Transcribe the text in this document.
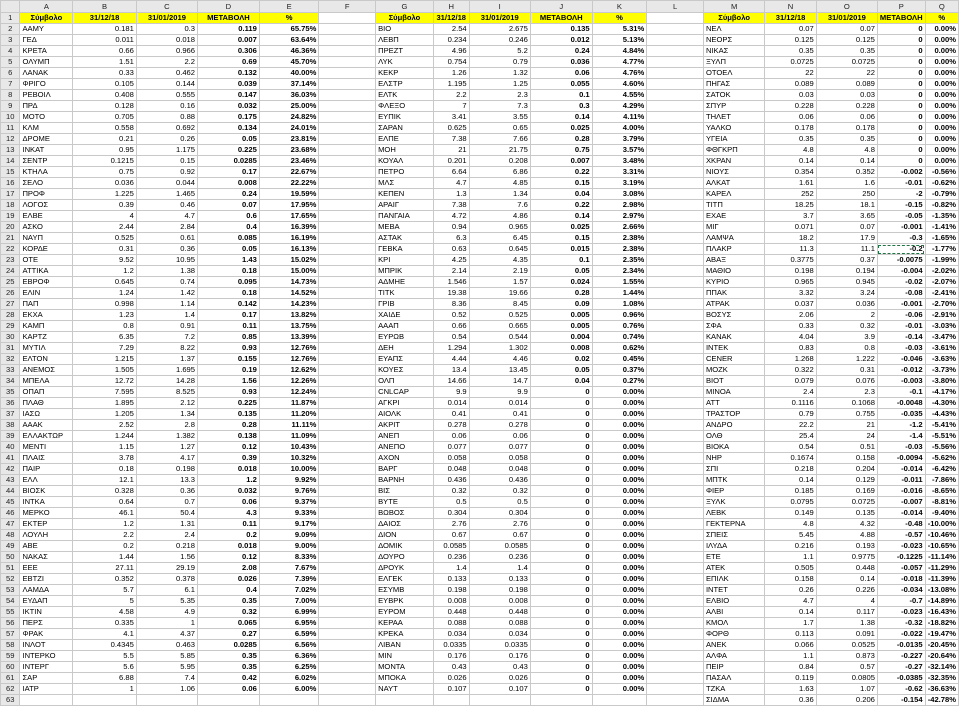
	A	B	C	D	E	F	G	H	I	J	K	L	M	N	O	P	Q
1	Σύμβολο	31/12/18	31/01/2019	ΜΕΤΑΒΟΛΗ	%		Σύμβολο	31/12/18	31/01/2019	ΜΕΤΑΒΟΛΗ	%		Σύμβολο	31/12/18	31/01/2019	ΜΕΤΑΒΟΛΗ	%
2	ΑΑΜΥ	0.181	0.3	0.119	65.75%		ΒΙΟ	2.54	2.675	0.135	5.31%		ΝΕΛ	0.07	0.07	0	0.00%
3	ΓΕΔ	0.011	0.018	0.007	63.64%		ΛΕΒΠ	0.234	0.246	0.012	5.13%		ΝΕΟΡΣ	0.125	0.125	0	0.00%
4	ΚΡΕΤΑ	0.66	0.966	0.306	46.36%		ΠΡΕΖΤ	4.96	5.2	0.24	4.84%		ΝΙΚΑΣ	0.35	0.35	0	0.00%
5	ΟΛΥΜΠ	1.51	2.2	0.69	45.70%		ΛΥΚ	0.754	0.79	0.036	4.77%		ΞΥΛΠ	0.0725	0.0725	0	0.00%
6	ΛΑΝΑΚ	0.33	0.462	0.132	40.00%		ΚΕΚΡ	1.26	1.32	0.06	4.76%		ΟΤΟΕΛ	22	22	0	0.00%
7	ΦΡΙΓΟ	0.105	0.144	0.039	37.14%		ΕΛΣΤΡ	1.195	1.25	0.055	4.60%		ΠΗΓΑΣ	0.089	0.089	0	0.00%
8	ΡΕΒΟΙΛ	0.408	0.555	0.147	36.03%		ΕΛΤΚ	2.2	2.3	0.1	4.55%		ΣΑΤΟΚ	0.03	0.03	0	0.00%
9	ΠΡΔ	0.128	0.16	0.032	25.00%		ΦΛΕΞΟ	7	7.3	0.3	4.29%		ΣΠΥΡ	0.228	0.228	0	0.00%
10	ΜΟΤΟ	0.705	0.88	0.175	24.82%		ΕΥΠΙΚ	3.41	3.55	0.14	4.11%		ΤΗΛΕΤ	0.06	0.06	0	0.00%
11	ΚΛΜ	0.558	0.692	0.134	24.01%		ΣΑΡΑΝ	0.625	0.65	0.025	4.00%		ΥΑΛΚΟ	0.178	0.178	0	0.00%
12	ΔΡΟΜΕ	0.21	0.26	0.05	23.81%		ΕΛΠΕ	7.38	7.66	0.28	3.79%		ΥΓΕΙΑ	0.35	0.35	0	0.00%
13	ΙΝΚΑΤ	0.95	1.175	0.225	23.68%		ΜΟΗ	21	21.75	0.75	3.57%		ΦΘΓΚΡΠ	4.8	4.8	0	0.00%
14	ΣΕΝΤΡ	0.1215	0.15	0.0285	23.46%		ΚΟΥΑΛ	0.201	0.208	0.007	3.48%		ΧΚΡΑΝ	0.14	0.14	0	0.00%
15	ΚΤΗΛΑ	0.75	0.92	0.17	22.67%		ΠΕΤΡΟ	6.64	6.86	0.22	3.31%		ΝΙΟΥΣ	0.354	0.352	-0.002	-0.56%
16	ΣΕΛΟ	0.036	0.044	0.008	22.22%		ΜΛΣ	4.7	4.85	0.15	3.19%		ΑΛΚΑΤ	1.61	1.6	-0.01	-0.62%
17	ΠΡΟΦ	1.225	1.465	0.24	19.59%		ΚΕΠΕΝ	1.3	1.34	0.04	3.08%		ΚΑΡΕΛ	252	250	-2	-0.79%
18	ΛΟΓΟΣ	0.39	0.46	0.07	17.95%		ΑΡΑΙΓ	7.38	7.6	0.22	2.98%		ΤΙΤΠ	18.25	18.1	-0.15	-0.82%
19	ΕΛΒΕ	4	4.7	0.6	17.65%		ΠΑΝΓΑΙΑ	4.72	4.86	0.14	2.97%		ΕΧΑΕ	3.7	3.65	-0.05	-1.35%
20	ΑΣΚΟ	2.44	2.84	0.4	16.39%		ΜΕΒΑ	0.94	0.965	0.025	2.66%		ΜΙΓ	0.071	0.07	-0.001	-1.41%
21	ΝΑΥΠ	0.525	0.61	0.085	16.19%		ΑΣΤΑΚ	6.3	6.45	0.15	2.38%		ΛΑΜΨΑ	18.2	17.9	-0.3	-1.65%
22	ΚΟΡΔΕ	0.31	0.36	0.05	16.13%		ΓΕΒΚΑ	0.63	0.645	0.015	2.38%		ΠΛΑΚΡ	11.3	11.1	-0.2	-1.77%
23	ΟΤΕ	9.52	10.95	1.43	15.02%		ΚΡΙ	4.25	4.35	0.1	2.35%		ΑΒΑΞ	0.3775	0.37	-0.0075	-1.99%
24	ΑΤΤΙΚΑ	1.2	1.38	0.18	15.00%		ΜΠΡΙΚ	2.14	2.19	0.05	2.34%		ΜΑΘΙΟ	0.198	0.194	-0.004	-2.02%
25	ΕΒΡΟΦ	0.645	0.74	0.095	14.73%		ΑΔΜΗΕ	1.546	1.57	0.024	1.55%		ΚΥΡΙΟ	0.965	0.945	-0.02	-2.07%
26	ΕΛΙΝ	1.24	1.42	0.18	14.52%		ΤΙΤΚ	19.38	19.66	0.28	1.44%		ΠΠΑΚ	3.32	3.24	-0.08	-2.41%
27	ΠΑΠ	0.998	1.14	0.142	14.23%		ΓΡΙΒ	8.36	8.45	0.09	1.08%		ΑΤΡΑΚ	0.037	0.036	-0.001	-2.70%
28	ΕΚΧΑ	1.23	1.4	0.17	13.82%		ΧΑΙΔΕ	0.52	0.525	0.005	0.96%		ΒΟΣΥΣ	2.06	2	-0.06	-2.91%
29	ΚΑΜΠ	0.8	0.91	0.11	13.75%		ΑΑΑΠ	0.66	0.665	0.005	0.76%		ΣΦΑ	0.33	0.32	-0.01	-3.03%
30	ΚΑΡΤΖ	6.35	7.2	0.85	13.39%		ΕΥΡΩΒ	0.54	0.544	0.004	0.74%		ΚΑΝΑΚ	4.04	3.9	-0.14	-3.47%
31	ΜΥΤΙΛ	7.29	8.22	0.93	12.76%		ΔΕΗ	1.294	1.302	0.008	0.62%		ΙΝΤΕΚ	0.83	0.8	-0.03	-3.61%
32	ΕΛΤΟΝ	1.215	1.37	0.155	12.76%		ΕΥΑΠΣ	4.44	4.46	0.02	0.45%		CENER	1.268	1.222	-0.046	-3.63%
33	ΑΝΕΜΟΣ	1.505	1.695	0.19	12.62%		ΚΟΥΕΣ	13.4	13.45	0.05	0.37%		ΜΟΖΚ	0.322	0.31	-0.012	-3.73%
34	ΜΠΕΛΑ	12.72	14.28	1.56	12.26%		ΟΛΠ	14.66	14.7	0.04	0.27%		ΒΙΟΤ	0.079	0.076	-0.003	-3.80%
35	ΟΠΑΠ	7.595	8.525	0.93	12.24%		CNLCAP	9.9	9.9	0	0.00%		ΜΙΝΟΑ	2.4	2.3	-0.1	-4.17%
36	ΠΛΑΘ	1.895	2.12	0.225	11.87%		ΑΓΚΡΙ	0.014	0.014	0	0.00%		ΑΤΤ	0.1116	0.1068	-0.0048	-4.30%
37	ΙΑΣΩ	1.205	1.34	0.135	11.20%		ΑΙΟΛΚ	0.41	0.41	0	0.00%		ΤΡΑΣΤΟΡ	0.79	0.755	-0.035	-4.43%
38	ΑΑΑΚ	2.52	2.8	0.28	11.11%		ΑΚΡΙΤ	0.278	0.278	0	0.00%		ΑΝΔΡΟ	22.2	21	-1.2	-5.41%
39	ΕΛΛΑΚΤΩΡ	1.244	1.382	0.138	11.09%		ΑΝΕΠ	0.06	0.06	0	0.00%		ΟΛΘ	25.4	24	-1.4	-5.51%
40	ΜΕΝΤΙ	1.15	1.27	0.12	10.43%		ΑΝΕΠΟ	0.077	0.077	0	0.00%		ΒΙΟΚΑ	0.54	0.51	-0.03	-5.56%
41	ΠΛΑΙΣ	3.78	4.17	0.39	10.32%		ΑΧΟΝ	0.058	0.058	0	0.00%		ΝΗΡ	0.1674	0.158	-0.0094	-5.62%
42	ΠΑΙΡ	0.18	0.198	0.018	10.00%		ΒΑΡΓ	0.048	0.048	0	0.00%		ΣΠΙ	0.218	0.204	-0.014	-6.42%
43	ΕΛΛ	12.1	13.3	1.2	9.92%		ΒΑΡΝΗ	0.436	0.436	0	0.00%		ΜΠΤΚ	0.14	0.129	-0.011	-7.86%
44	ΒΙΟΣΚ	0.328	0.36	0.032	9.76%		ΒΙΣ	0.32	0.32	0	0.00%		ΦΙΕΡ	0.185	0.169	-0.016	-8.65%
45	ΙΝΤΚΑ	0.64	0.7	0.06	9.37%		ΒΥΤΕ	0.5	0.5	0	0.00%		ΞΥΛΚ	0.0795	0.0725	-0.007	-8.81%
46	ΜΕΡΚΟ	46.1	50.4	4.3	9.33%		ΒΩΒΟΣ	0.304	0.304	0	0.00%		ΛΕΒΚ	0.149	0.135	-0.014	-9.40%
47	ΕΚΤΕΡ	1.2	1.31	0.11	9.17%		ΔΑΙΟΣ	2.76	2.76	0	0.00%		ΓΕΚΤΕΡΝΑ	4.8	4.32	-0.48	-10.00%
48	ΛΟΥΛΗ	2.2	2.4	0.2	9.09%		ΔΙΟΝ	0.67	0.67	0	0.00%		ΣΠΕΙΣ	5.45	4.88	-0.57	-10.46%
49	ΑΒΕ	0.2	0.218	0.018	9.00%		ΔΟΜΙΚ	0.0585	0.0585	0	0.00%		ΙΛΥΔΑ	0.216	0.193	-0.023	-10.65%
50	ΝΑΚΑΣ	1.44	1.56	0.12	8.33%		ΔΟΥΡΟ	0.236	0.236	0	0.00%		ΕΤΕ	1.1	0.9775	-0.1225	-11.14%
51	ΕΕΕ	27.11	29.19	2.08	7.67%		ΔΡΟΥΚ	1.4	1.4	0	0.00%		ΑΤΕΚ	0.505	0.448	-0.057	-11.29%
52	ΕΒΤΖΙ	0.352	0.378	0.026	7.39%		ΕΛΓΕΚ	0.133	0.133	0	0.00%		ΕΠΙΛΚ	0.158	0.14	-0.018	-11.39%
53	ΛΑΜΔΑ	5.7	6.1	0.4	7.02%		ΕΣΥΜΒ	0.198	0.198	0	0.00%		ΙΝΤΕΤ	0.26	0.226	-0.034	-13.08%
54	ΕΥΔΑΠ	5	5.35	0.35	7.00%		ΕΥΒΡΚ	0.008	0.008	0	0.00%		ΕΛΒΙΟ	4.7	4	-0.7	-14.89%
55	ΙΚΤΙΝ	4.58	4.9	0.32	6.99%		ΕΥΡΟΜ	0.448	0.448	0	0.00%		ΑΛΒΙ	0.14	0.117	-0.023	-16.43%
56	ΠΕΡΣ	0.335	1	0.065	6.95%		ΚΕΡΑΑ	0.088	0.088	0	0.00%		ΚΜΟΛ	1.7	1.38	-0.32	-18.82%
57	ΦΡΑΚ	4.1	4.37	0.27	6.59%		ΚΡΕΚΑ	0.034	0.034	0	0.00%		ΦΟΡΘ	0.113	0.091	-0.022	-19.47%
58	ΙΝΛΟΤ	0.4345	0.463	0.0285	6.56%		ΛΙΒΑΝ	0.0335	0.0335	0	0.00%		ΑΝΕΚ	0.066	0.0525	-0.0135	-20.45%
59	ΙΝΤΕΡΚΟ	5.5	5.85	0.35	6.36%		ΜΙΝ	0.176	0.176	0	0.00%		ΑΛΦΑ	1.1	0.873	-0.227	-20.64%
60	ΙΝΤΕΡΓ	5.6	5.95	0.35	6.25%		ΜΟΝΤΑ	0.43	0.43	0	0.00%		ΠΕΙΡ	0.84	0.57	-0.27	-32.14%
61	ΣΑΡ	6.88	7.4	0.42	6.02%		ΜΠΟΚΑ	0.026	0.026	0	0.00%		ΠΑΣΑΛ	0.119	0.0805	-0.0385	-32.35%
62	ΙΑΤΡ	1	1.06	0.06	6.00%		ΝΑΥΤ	0.107	0.107	0	0.00%		ΤΖΚΑ	1.63	1.07	-0.62	-36.63%
63													ΣΙΔΜΑ	0.36	0.206	-0.154	-42.78%
